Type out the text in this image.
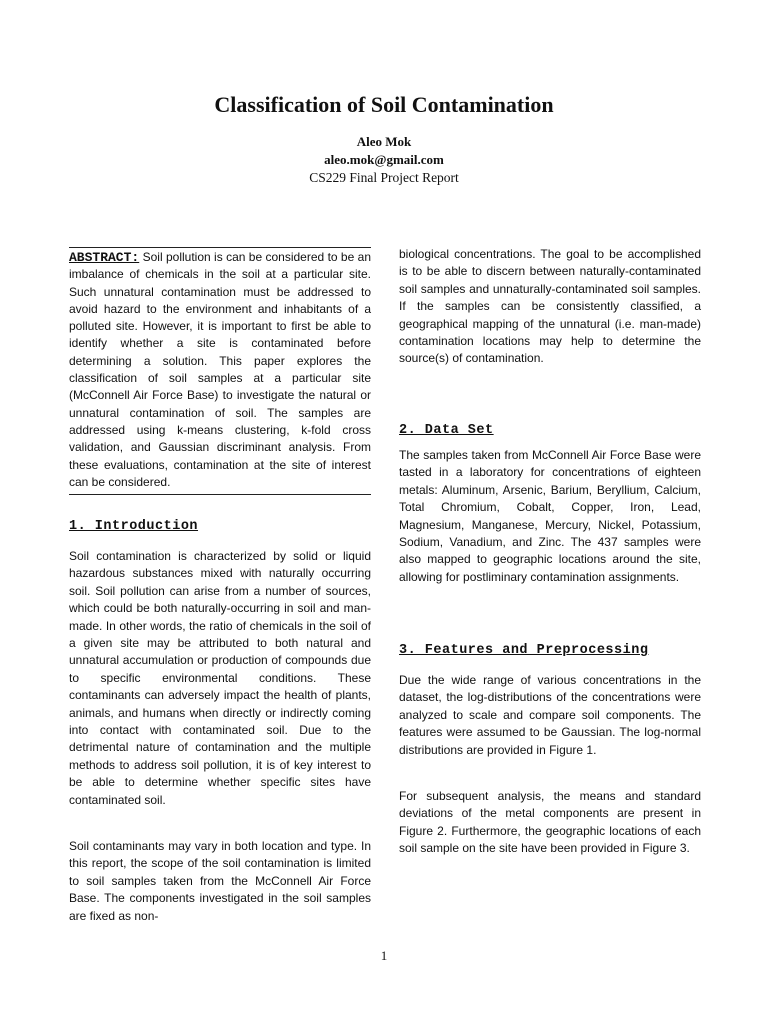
Classification of Soil Contamination
Aleo Mok
aleo.mok@gmail.com
CS229 Final Project Report
ABSTRACT: Soil pollution is can be considered to be an imbalance of chemicals in the soil at a particular site. Such unnatural contamination must be addressed to avoid hazard to the environment and inhabitants of a polluted site. However, it is important to first be able to identify whether a site is contaminated before determining a solution. This paper explores the classification of soil samples at a particular site (McConnell Air Force Base) to investigate the natural or unnatural contamination of soil. The samples are addressed using k-means clustering, k-fold cross validation, and Gaussian discriminant analysis. From these evaluations, contamination at the site of interest can be considered.
1. Introduction

Soil contamination is characterized by solid or liquid hazardous substances mixed with naturally occurring soil. Soil pollution can arise from a number of sources, which could be both naturally-occurring in soil and man-made. In other words, the ratio of chemicals in the soil of a given site may be attributed to both natural and unnatural accumulation or production of compounds due to specific environmental conditions. These contaminants can adversely impact the health of plants, animals, and humans when directly or indirectly coming into contact with contaminated soil. Due to the detrimental nature of contamination and the multiple methods to address soil pollution, it is of key interest to be able to determine whether specific sites have contaminated soil.

Soil contaminants may vary in both location and type. In this report, the scope of the soil contamination is limited to soil samples taken from the McConnell Air Force Base. The components investigated in the soil samples are fixed as non-

biological concentrations. The goal to be accomplished is to be able to discern between naturally-contaminated soil samples and unnaturally-contaminated soil samples. If the samples can be consistently classified, a geographical mapping of the unnatural (i.e. man-made) contamination locations may help to determine the source(s) of contamination.

2. Data Set

The samples taken from McConnell Air Force Base were tasted in a laboratory for concentrations of eighteen metals: Aluminum, Arsenic, Barium, Beryllium, Calcium, Total Chromium, Cobalt, Copper, Iron, Lead, Magnesium, Manganese, Mercury, Nickel, Potassium, Sodium, Vanadium, and Zinc. The 437 samples were also mapped to geographic locations around the site, allowing for postliminary contamination assignments.

3. Features and Preprocessing

Due the wide range of various concentrations in the dataset, the log-distributions of the concentrations were analyzed to scale and compare soil components. The features were assumed to be Gaussian. The log-normal distributions are provided in Figure 1.

For subsequent analysis, the means and standard deviations of the metal components are present in Figure 2. Furthermore, the geographic locations of each soil sample on the site have been provided in Figure 3.

1
